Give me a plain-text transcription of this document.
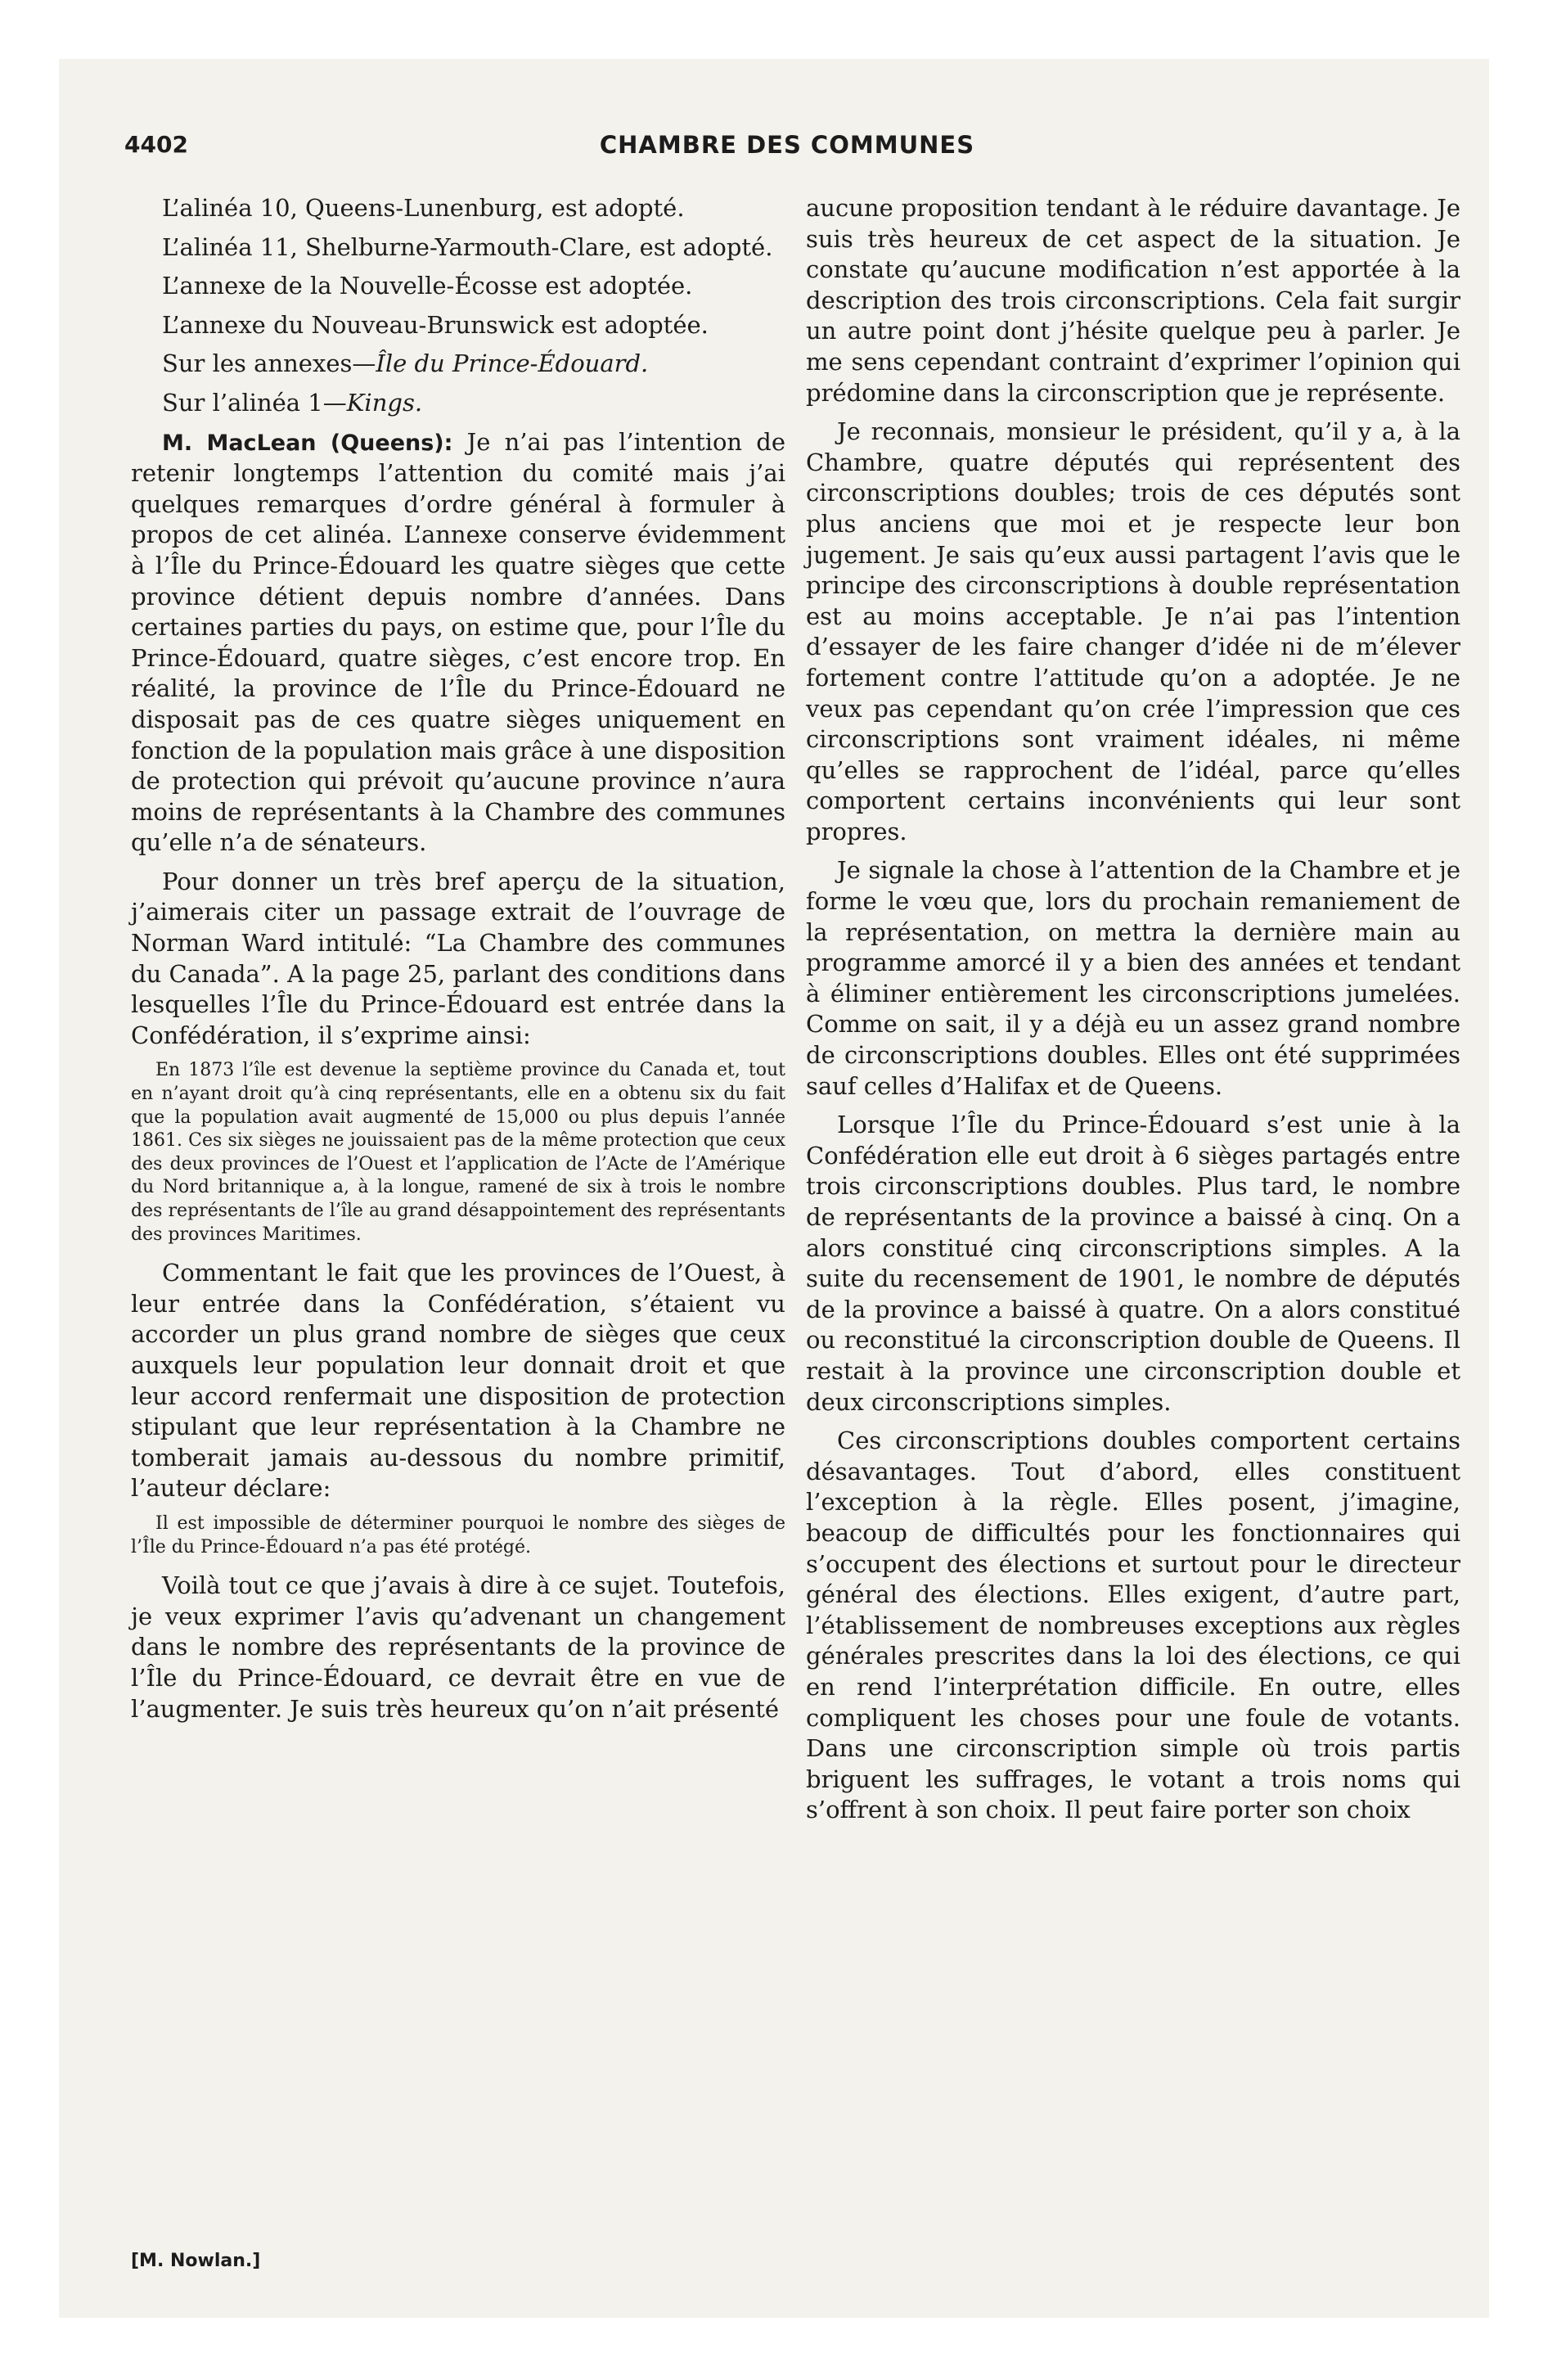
4402	CHAMBRE DES COMMUNES

L’alinéa 10, Queens-Lunenburg, est adopté.

L’alinéa 11, Shelburne-Yarmouth-Clare, est adopté.

L’annexe de la Nouvelle-Écosse est adoptée.

L’annexe du Nouveau-Brunswick est adoptée.

Sur les annexes—Île du Prince-Édouard.

Sur l’alinéa 1—Kings.

M. MacLean (Queens): Je n’ai pas l’intention de retenir longtemps l’attention du comité mais j’ai quelques remarques d’ordre général à formuler à propos de cet alinéa. L’annexe conserve évidemment à l’Île du Prince-Édouard les quatre sièges que cette province détient depuis nombre d’années. Dans certaines parties du pays, on estime que, pour l’Île du Prince-Édouard, quatre sièges, c’est encore trop. En réalité, la province de l’Île du Prince-Édouard ne disposait pas de ces quatre sièges uniquement en fonction de la population mais grâce à une disposition de protection qui prévoit qu’aucune province n’aura moins de représentants à la Chambre des communes qu’elle n’a de sénateurs.

Pour donner un très bref aperçu de la situation, j’aimerais citer un passage extrait de l’ouvrage de Norman Ward intitulé: “La Chambre des communes du Canada”. A la page 25, parlant des conditions dans lesquelles l’Île du Prince-Édouard est entrée dans la Confédération, il s’exprime ainsi:

En 1873 l’île est devenue la septième province du Canada et, tout en n’ayant droit qu’à cinq représentants, elle en a obtenu six du fait que la population avait augmenté de 15,000 ou plus depuis l’année 1861. Ces six sièges ne jouissaient pas de la même protection que ceux des deux provinces de l’Ouest et l’application de l’Acte de l’Amérique du Nord britannique a, à la longue, ramené de six à trois le nombre des représentants de l’île au grand désappointement des représentants des provinces Maritimes.

Commentant le fait que les provinces de l’Ouest, à leur entrée dans la Confédération, s’étaient vu accorder un plus grand nombre de sièges que ceux auxquels leur population leur donnait droit et que leur accord renfermait une disposition de protection stipulant que leur représentation à la Chambre ne tomberait jamais au-dessous du nombre primitif, l’auteur déclare:

Il est impossible de déterminer pourquoi le nombre des sièges de l’Île du Prince-Édouard n’a pas été protégé.

Voilà tout ce que j’avais à dire à ce sujet. Toutefois, je veux exprimer l’avis qu’advenant un changement dans le nombre des représentants de la province de l’Île du Prince-Édouard, ce devrait être en vue de l’augmenter. Je suis très heureux qu’on n’ait présenté

aucune proposition tendant à le réduire davantage. Je suis très heureux de cet aspect de la situation. Je constate qu’aucune modification n’est apportée à la description des trois circonscriptions. Cela fait surgir un autre point dont j’hésite quelque peu à parler. Je me sens cependant contraint d’exprimer l’opinion qui prédomine dans la circonscription que je représente.

Je reconnais, monsieur le président, qu’il y a, à la Chambre, quatre députés qui représentent des circonscriptions doubles; trois de ces députés sont plus anciens que moi et je respecte leur bon jugement. Je sais qu’eux aussi partagent l’avis que le principe des circonscriptions à double représentation est au moins acceptable. Je n’ai pas l’intention d’essayer de les faire changer d’idée ni de m’élever fortement contre l’attitude qu’on a adoptée. Je ne veux pas cependant qu’on crée l’impression que ces circonscriptions sont vraiment idéales, ni même qu’elles se rapprochent de l’idéal, parce qu’elles comportent certains inconvénients qui leur sont propres.

Je signale la chose à l’attention de la Chambre et je forme le vœu que, lors du prochain remaniement de la représentation, on mettra la dernière main au programme amorcé il y a bien des années et tendant à éliminer entièrement les circonscriptions jumelées. Comme on sait, il y a déjà eu un assez grand nombre de circonscriptions doubles. Elles ont été supprimées sauf celles d’Halifax et de Queens.

Lorsque l’Île du Prince-Édouard s’est unie à la Confédération elle eut droit à 6 sièges partagés entre trois circonscriptions doubles. Plus tard, le nombre de représentants de la province a baissé à cinq. On a alors constitué cinq circonscriptions simples. A la suite du recensement de 1901, le nombre de députés de la province a baissé à quatre. On a alors constitué ou reconstitué la circonscription double de Queens. Il restait à la province une circonscription double et deux circonscriptions simples.

Ces circonscriptions doubles comportent certains désavantages. Tout d’abord, elles constituent l’exception à la règle. Elles posent, j’imagine, beacoup de difficultés pour les fonctionnaires qui s’occupent des élections et surtout pour le directeur général des élections. Elles exigent, d’autre part, l’établissement de nombreuses exceptions aux règles générales prescrites dans la loi des élections, ce qui en rend l’interprétation difficile. En outre, elles compliquent les choses pour une foule de votants. Dans une circonscription simple où trois partis briguent les suffrages, le votant a trois noms qui s’offrent à son choix. Il peut faire porter son choix

[M. Nowlan.]
